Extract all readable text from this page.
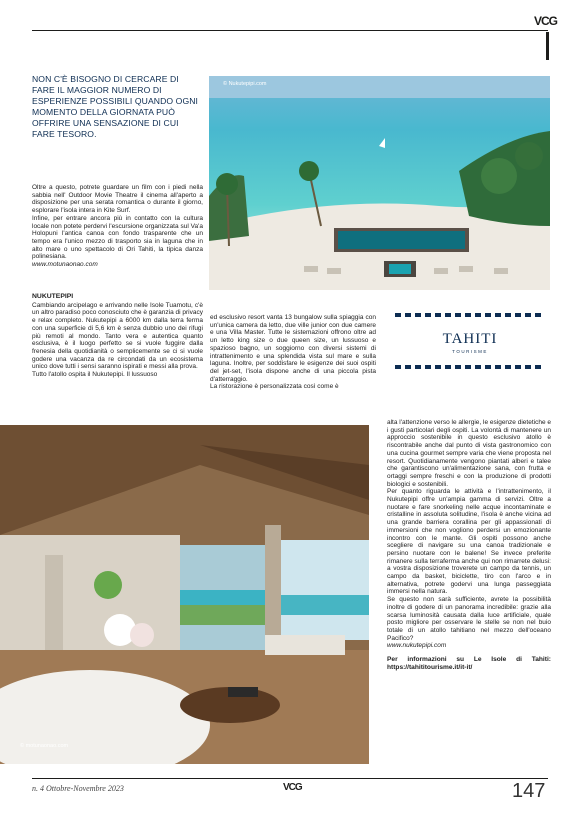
VCG
NON C'È BISOGNO DI CERCARE DI FARE IL MAGGIOR NUMERO DI ESPERIENZE POSSIBILI QUANDO OGNI MOMENTO DELLA GIORNATA PUÒ OFFRIRE UNA SENSAZIONE DI CUI FARE TESORO.
© Nukutepipi.com

Oltre a questo, potrete guardare un film con i piedi nella sabbia nell' Outdoor Movie Theatre il cinema all'aperto a disposizione per una serata romantica o durante il giorno, esplorare l'isola intera in Kite Surf.

Infine, per entrare ancora più in contatto con la cultura locale non potete perdervi l'escursione organizzata sul Va'a Holopuni l'antica canoa con fondo trasparente che un tempo era l'unico mezzo di trasporto sia in laguna che in alto mare o uno spettacolo di Ori Tahiti, la tipica danza polinesiana.

www.motunaonao.com

NUKUTEPIPI

Cambiando arcipelago e arrivando nelle Isole Tuamotu, c'è un altro paradiso poco conosciuto che è garanzia di privacy e relax completo. Nukutepipi a 6000 km dalla terra ferma con una superficie di 5,6 km è senza dubbio uno dei rifugi più remoti al mondo. Tanto vera e autentica quanto esclusiva, è il luogo perfetto se si vuole fuggire dalla frenesia della quotidianità o semplicemente se ci si vuole godere una vacanza da re circondati da un ecosistema unico dove tutti i sensi saranno ispirati e messi alla prova.

Tutto l'atollo ospita il Nukutepipi. Il lussuoso

ed esclusivo resort vanta 13 bungalow sulla spiaggia con un'unica camera da letto, due ville junior con due camere e una Villa Master. Tutte le sistemazioni offrono oltre ad un letto king size o due queen size, un lussuoso e spazioso bagno, un soggiorno con diversi sistemi di intrattenimento e una splendida vista sul mare e sulla laguna. Inoltre, per soddisfare le esigenze dei suoi ospiti del jet-set, l'isola dispone anche di una piccola pista d'atterraggio.

La ristorazione è personalizzata così come è

TAHITI
TOURISME
© motunaonao.com

alta l'attenzione verso le allergie, le esigenze dietetiche e i gusti particolari degli ospiti. La volontà di mantenere un approccio sostenibile in questo esclusivo atollo è riscontrabile anche dal punto di vista gastronomico con una cucina gourmet sempre varia che viene proposta nel resort. Quotidianamente vengono piantati alberi e talee che garantiscono un'alimentazione sana, con frutta e ortaggi sempre freschi e con la produzione di prodotti biologici e sostenibili.

Per quanto riguarda le attività e l'intrattenimento, il Nukutepipi offre un'ampia gamma di servizi. Oltre a nuotare e fare snorkeling nelle acque incontaminate e cristalline in assoluta solitudine, l'isola è anche vicina ad una grande barriera corallina per gli appassionati di immersioni che non vogliono perdersi un emozionante incontro con le mante. Gli ospiti possono anche scegliere di navigare su una canoa tradizionale e persino nuotare con le balene! Se invece preferite rimanere sulla terraferma anche qui non rimarrete delusi: a vostra disposizione troverete un campo da tennis, un campo da basket, biciclette, tiro con l'arco e in alternativa, potrete godervi una lunga passeggiata immersi nella natura.

Se questo non sarà sufficiente, avrete la possibilità inoltre di godere di un panorama incredibile: grazie alla scarsa luminosità causata dalla luce artificiale, quale posto migliore per osservare le stelle se non nel buio totale di un atollo tahitiano nel mezzo dell'oceano Pacifico?

www.nukutepipi.com

Per informazioni su Le Isole di Tahiti: https://tahititourisme.it/it-it/

n. 4 Ottobre-Novembre 2023	VCG	147
